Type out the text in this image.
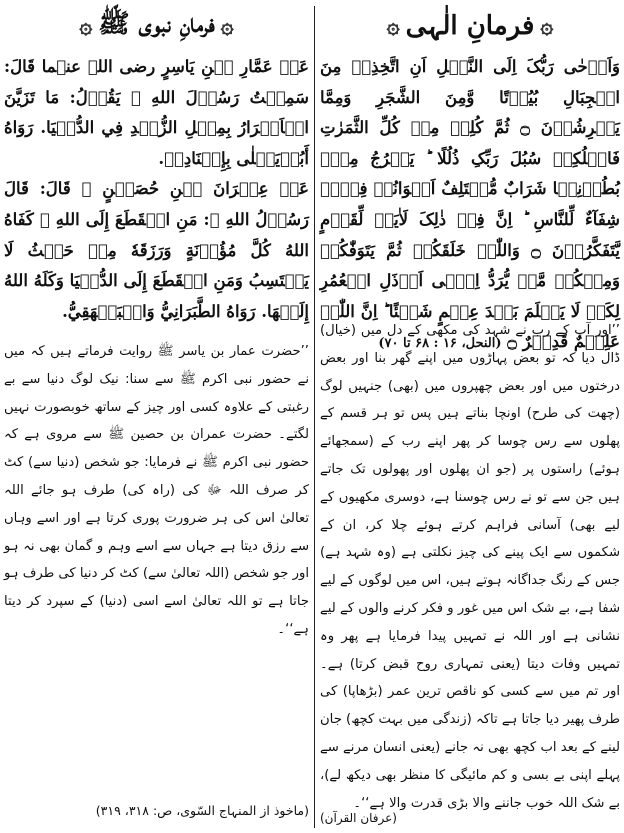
۞
فرمانِ الٰہی
۞
وَاَوۡحٰی رَبُّکَ اِلَی النَّحۡلِ اَنِ اتَّخِذِیۡ مِنَ الۡجِبَالِ بُیُوۡتًا وَّمِنَ الشَّجَرِ وَمِمَّا یَعۡرِشُوۡنَ ۝ ثُمَّ کُلِیۡ مِنۡ کُلِّ الثَّمَرٰتِ فَاسۡلُکِیۡ سُبُلَ رَبِّکِ ذُلُلًا ؕ یَخۡرُجُ مِنۡۢ بُطُوۡنِہَا شَرَابٌ مُّخۡتَلِفٌ اَلۡوَانُہٗ فِیۡہِ شِفَآءٌ لِّلنَّاسِ ؕ اِنَّ فِیۡ ذٰلِکَ لَاٰیَۃً لِّقَوۡمٍ یَّتَفَکَّرُوۡنَ ۝ وَاللّٰہُ خَلَقَکُمۡ ثُمَّ یَتَوَفّٰکُمۡ وَمِنۡکُمۡ مَّنۡ یُّرَدُّ اِلٰۤی اَرۡذَلِ الۡعُمُرِ لِکَیۡ لَا یَعۡلَمَ بَعۡدَ عِلۡمٍ شَیۡئًا ؕ اِنَّ اللّٰہَ عَلِیۡمٌ قَدِیۡرٌ ۝ (النحل، ۱۶ : ۶۸ تا ۷۰)

’’اور آپ کے رب نے شہد کی مکھی کے دل میں (خیال) ڈال دیا کہ تو بعض پہاڑوں میں اپنے گھر بنا اور بعض درختوں میں اور بعض چھپروں میں (بھی) جنہیں لوگ (چھت کی طرح) اونچا بناتے ہیں پس تو ہر قسم کے پھلوں سے رس چوسا کر پھر اپنے رب کے (سمجھائے ہوئے) راستوں پر (جو ان پھلوں اور پھولوں تک جاتے ہیں جن سے تو نے رس چوسنا ہے، دوسری مکھیوں کے لیے بھی) آسانی فراہم کرتے ہوئے چلا کر، ان کے شکموں سے ایک پینے کی چیز نکلتی ہے (وہ شہد ہے) جس کے رنگ جداگانہ ہوتے ہیں، اس میں لوگوں کے لیے شفا ہے، بے شک اس میں غور و فکر کرنے والوں کے لیے نشانی ہے اور اللہ نے تمہیں پیدا فرمایا ہے پھر وہ تمہیں وفات دیتا (یعنی تمہاری روح قبض کرتا) ہے۔ اور تم میں سے کسی کو ناقص ترین عمر (بڑھاپا) کی طرف پھیر دیا جاتا ہے تاکہ (زندگی میں بہت کچھ) جان لینے کے بعد اب کچھ بھی نہ جانے (یعنی انسان مرنے سے پہلے اپنی بے بسی و کم مائیگی کا منظر بھی دیکھ لے)، بے شک اللہ خوب جاننے والا بڑی قدرت والا ہے‘‘۔

(عرفان القرآن)

۞
فرمانِ نبوی ﷺ
۞

عَنۡ عَمَّارِ بۡنِ یَاسِرٍ رضی اللہ عنہما قَالَ: سَمِعۡتُ رَسُوۡلَ اللهِ ﷺ یَقُوۡلُ: مَا تَزَیَّنَ الۡاَبۡرَارُ بِمِثۡلِ الزُّهۡدِ فِي الدُّنۡیَا. رَوَاهُ أَبُوۡیَعۡلٰی بِإِسۡنَادِهٖ.

عَنۡ عِمۡرَانَ بۡنِ حُصَیۡنٍ ﷺ قَالَ: قَالَ رَسُوۡلُ اللهِ ﷺ: مَنِ انۡقَطَعَ إِلَی اللهِ ﷻ کَفَاهُ اللهُ کُلَّ مُؤُوۡنَةٍ وَرَزَقَهٗ مِنۡ حَیۡثُ لَا یَحۡتَسِبُ وَمَنِ انۡقَطَعَ إِلَی الدُّنۡیَا وَکَلَهُ اللهُ إِلَیۡهَا. رَوَاهُ الطَّبَرَانِيُّ وَالۡبَیۡهَقِيُّ.

’’حضرت عمار بن یاسر ﷺ روایت فرماتے ہیں کہ میں نے حضور نبی اکرم ﷺ سے سنا: نیک لوگ دنیا سے بے رغبتی کے علاوہ کسی اور چیز کے ساتھ خوبصورت نہیں لگتے۔ حضرت عمران بن حصین ﷺ سے مروی ہے کہ حضور نبی اکرم ﷺ نے فرمایا: جو شخص (دنیا سے) کٹ کر صرف اللہ ﷻ کی (راہ کی) طرف ہو جائے اللہ تعالیٰ اس کی ہر ضرورت پوری کرتا ہے اور اسے وہاں سے رزق دیتا ہے جہاں سے اسے وہم و گمان بھی نہ ہو اور جو شخص (اللہ تعالیٰ سے) کٹ کر دنیا کی طرف ہو جاتا ہے تو اللہ تعالیٰ اسے اسی (دنیا) کے سپرد کر دیتا ہے‘‘۔

(ماخوذ از المنہاج السّوی، ص: ۳۱۸، ۳۱۹)
